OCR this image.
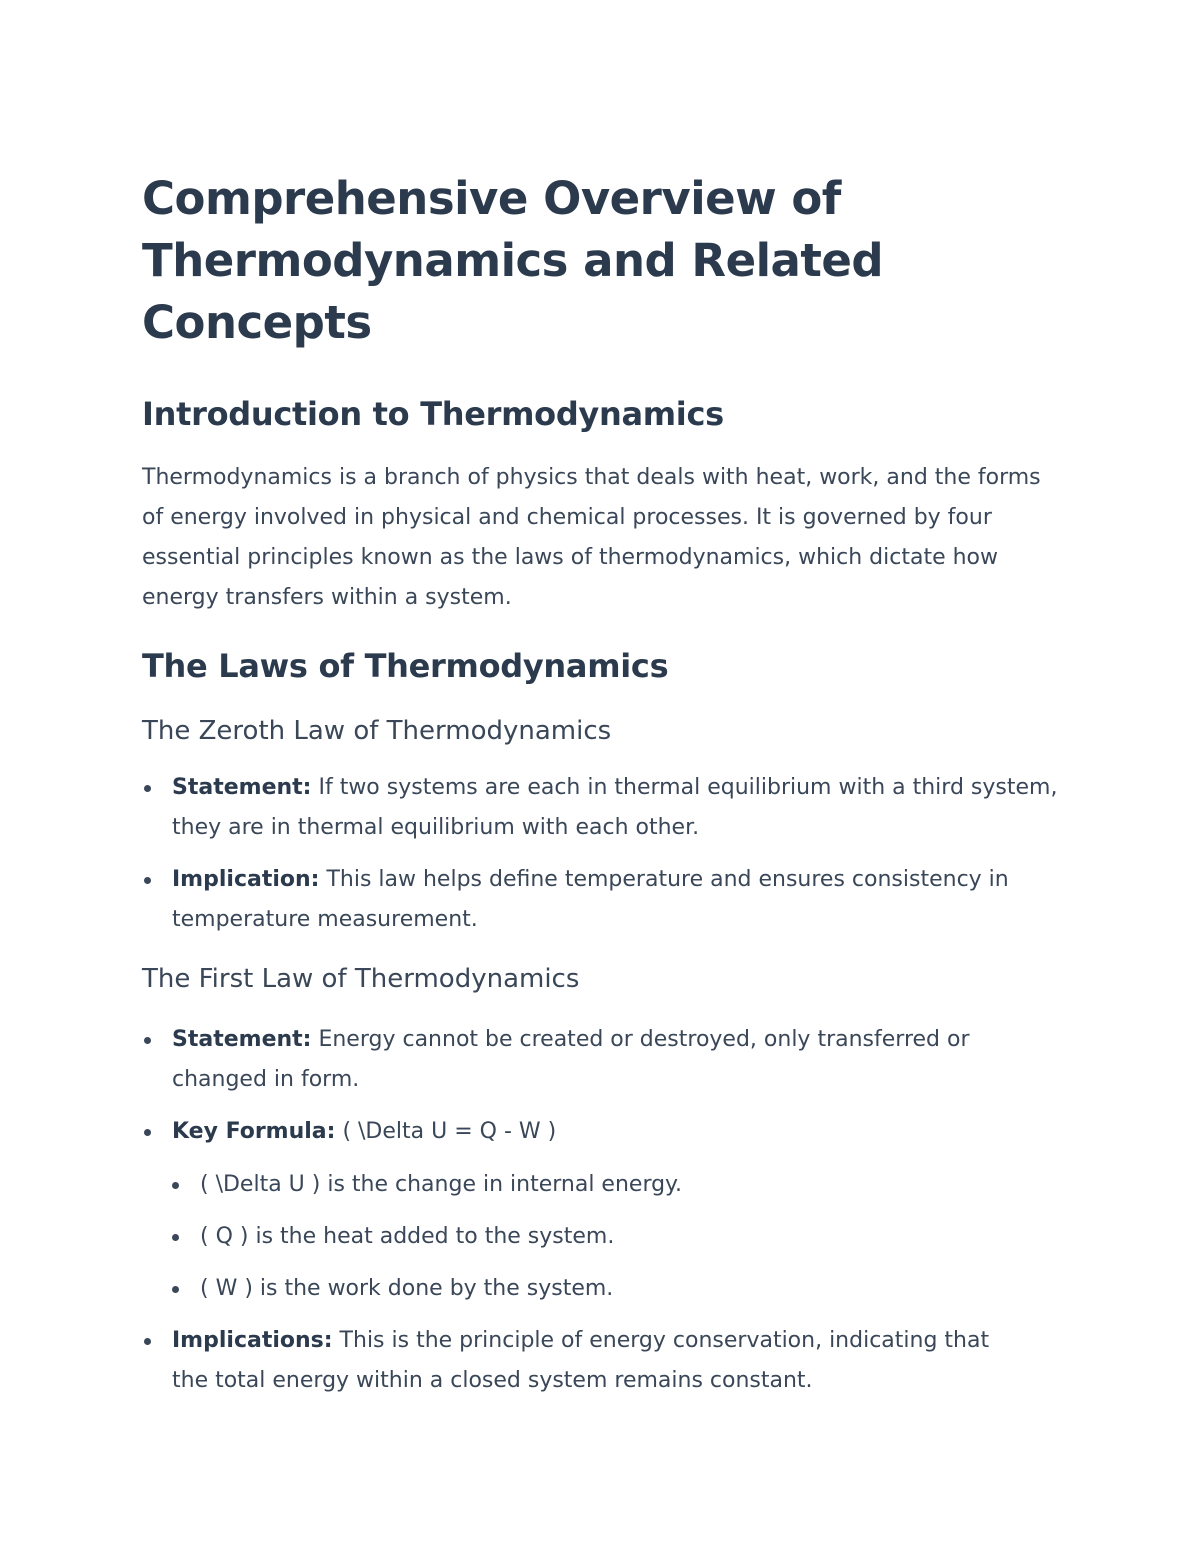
Comprehensive Overview of Thermodynamics and Related Concepts
Introduction to Thermodynamics

Thermodynamics is a branch of physics that deals with heat, work, and the forms of energy involved in physical and chemical processes. It is governed by four essential principles known as the laws of thermodynamics, which dictate how energy transfers within a system.

The Laws of Thermodynamics
The Zeroth Law of Thermodynamics
Statement: If two systems are each in thermal equilibrium with a third system, they are in thermal equilibrium with each other.
Implication: This law helps define temperature and ensures consistency in temperature measurement.
The First Law of Thermodynamics
Statement: Energy cannot be created or destroyed, only transferred or changed in form.
Key Formula: ( \Delta U = Q - W )
( \Delta U ) is the change in internal energy.
( Q ) is the heat added to the system.
( W ) is the work done by the system.
Implications: This is the principle of energy conservation, indicating that the total energy within a closed system remains constant.
